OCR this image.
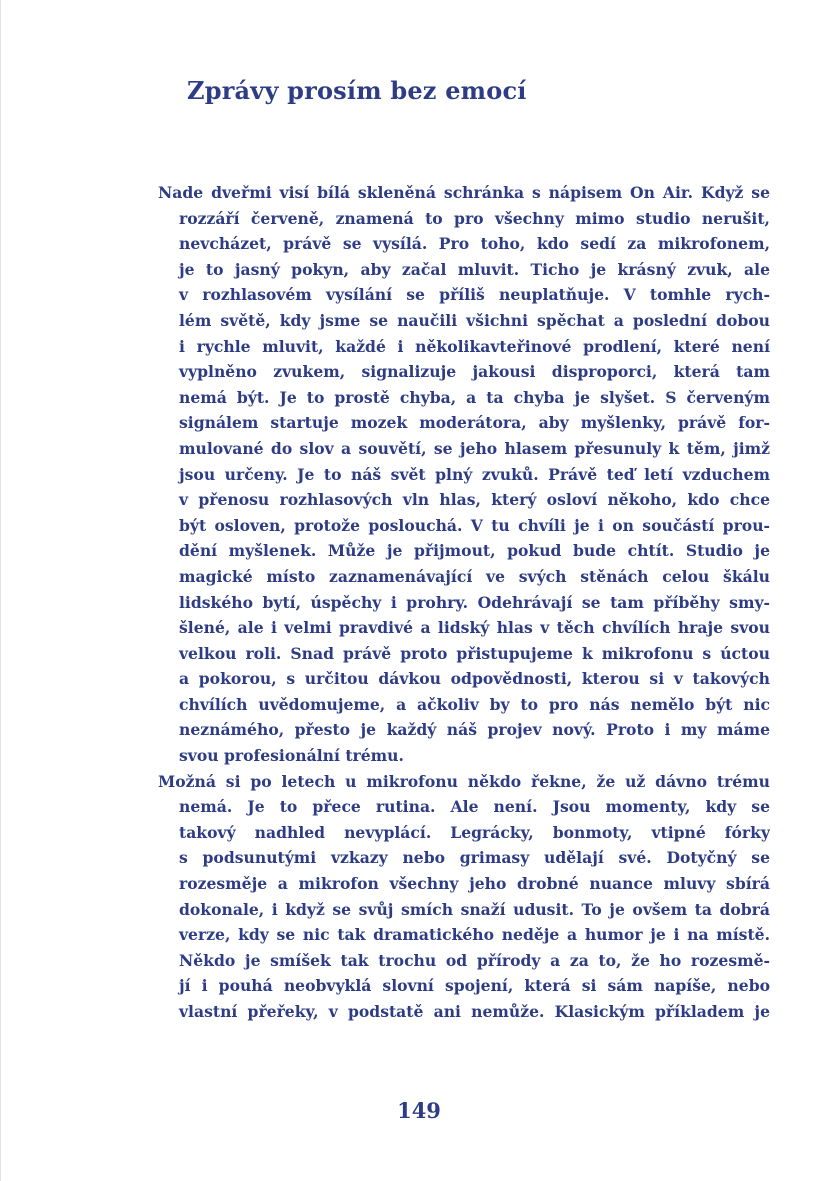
Zprávy prosím bez emocí

Nade dveřmi visí bílá skleněná schránka s nápisem On Air. Když se
rozzáří červeně, znamená to pro všechny mimo studio nerušit,
nevcházet, právě se vysílá. Pro toho, kdo sedí za mikrofonem,
je to jasný pokyn, aby začal mluvit. Ticho je krásný zvuk, ale
v rozhlasovém vysílání se příliš neuplatňuje. V tomhle rych-
lém světě, kdy jsme se naučili všichni spěchat a poslední dobou
i rychle mluvit, každé i několikavteřinové prodlení, které není
vyplněno zvukem, signalizuje jakousi disproporci, která tam
nemá být. Je to prostě chyba, a ta chyba je slyšet. S červeným
signálem startuje mozek moderátora, aby myšlenky, právě for-
mulované do slov a souvětí, se jeho hlasem přesunuly k těm, jimž
jsou určeny. Je to náš svět plný zvuků. Právě teď letí vzduchem
v přenosu rozhlasových vln hlas, který osloví někoho, kdo chce
být osloven, protože poslouchá. V tu chvíli je i on součástí prou-
dění myšlenek. Může je přijmout, pokud bude chtít. Studio je
magické místo zaznamenávající ve svých stěnách celou škálu
lidského bytí, úspěchy i prohry. Odehrávají se tam příběhy smy-
šlené, ale i velmi pravdivé a lidský hlas v těch chvílích hraje svou
velkou roli. Snad právě proto přistupujeme k mikrofonu s úctou
a pokorou, s určitou dávkou odpovědnosti, kterou si v takových
chvílích uvědomujeme, a ačkoliv by to pro nás nemělo být nic
neznámého, přesto je každý náš projev nový. Proto i my máme
svou profesionální trému.

Možná si po letech u mikrofonu někdo řekne, že už dávno trému
nemá. Je to přece rutina. Ale není. Jsou momenty, kdy se
takový nadhled nevyplácí. Legrácky, bonmoty, vtipné fórky
s podsunutými vzkazy nebo grimasy udělají své. Dotyčný se
rozesměje a mikrofon všechny jeho drobné nuance mluvy sbírá
dokonale, i když se svůj smích snaží udusit. To je ovšem ta dobrá
verze, kdy se nic tak dramatického neděje a humor je i na místě.
Někdo je smíšek tak trochu od přírody a za to, že ho rozesmě-
jí i pouhá neobvyklá slovní spojení, která si sám napíše, nebo
vlastní přeřeky, v podstatě ani nemůže. Klasickým příkladem je

149
